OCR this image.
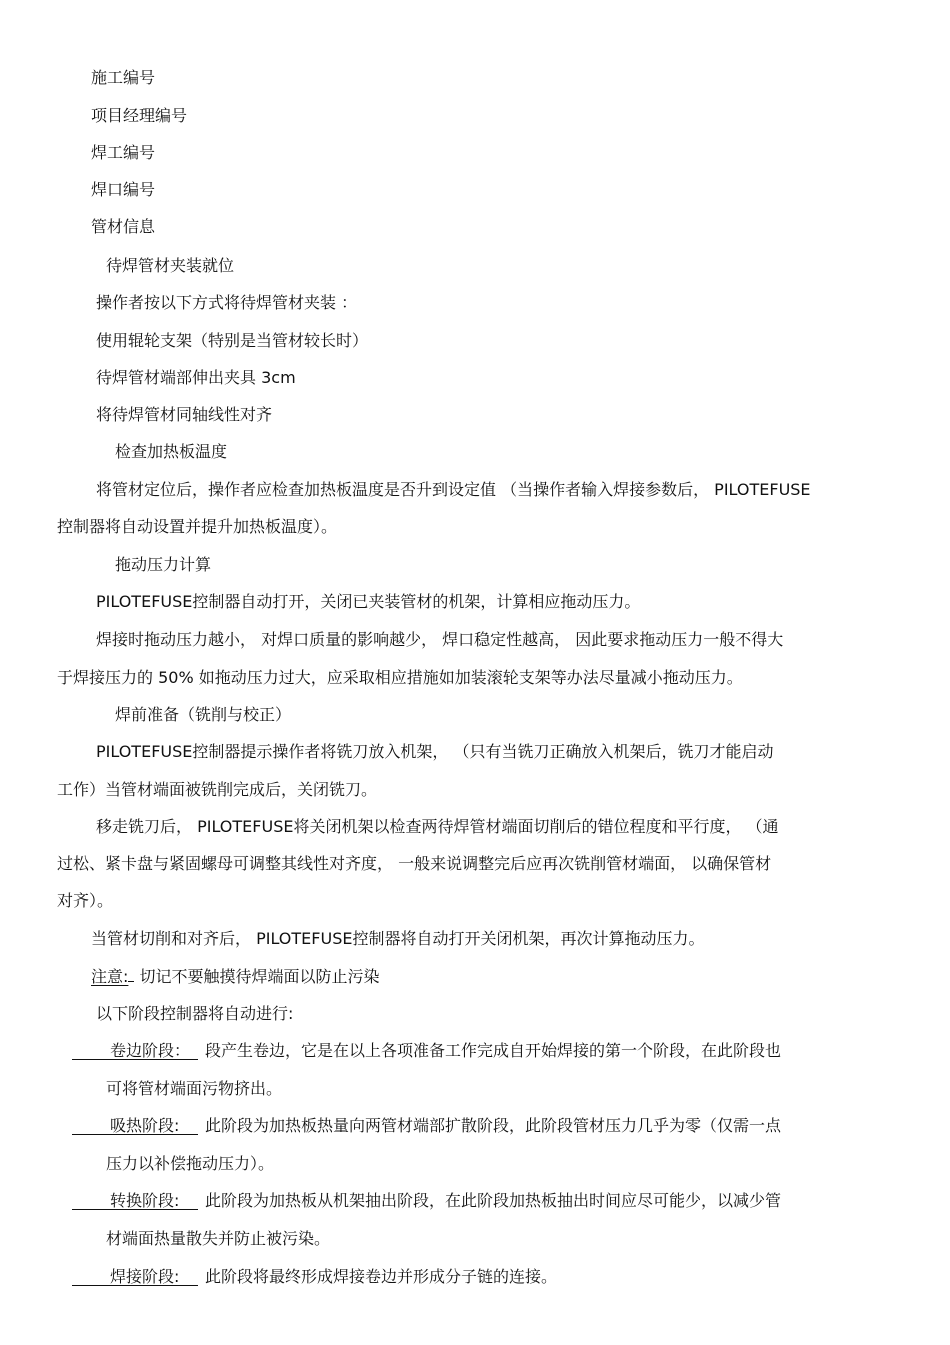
施工编号
项目经理编号
焊工编号
焊口编号
管材信息
待焊管材夹装就位
操作者按以下方式将待焊管材夹装 ：
使用辊轮支架（特别是当管材较长时）
待焊管材端部伸出夹具 3cm
将待焊管材同轴线性对齐
检查加热板温度
将管材定位后，操作者应检查加热板温度是否升到设定值 （当操作者输入焊接参数后， PILOTEFUSE
控制器将自动设置并提升加热板温度）。
拖动压力计算
PILOTEFUSE控制器自动打开，关闭已夹装管材的机架，计算相应拖动压力。
焊接时拖动压力越小， 对焊口质量的影响越少， 焊口稳定性越高， 因此要求拖动压力一般不得大
于焊接压力的 50% 如拖动压力过大，应采取相应措施如加装滚轮支架等办法尽量减小拖动压力。
焊前准备（铣削与校正）
PILOTEFUSE控制器提示操作者将铣刀放入机架， （只有当铣刀正确放入机架后，铣刀才能启动
工作）当管材端面被铣削完成后，关闭铣刀。
移走铣刀后， PILOTEFUSE将关闭机架以检查两待焊管材端面切削后的错位程度和平行度， （通
过松、紧卡盘与紧固螺母可调整其线性对齐度， 一般来说调整完后应再次铣削管材端面， 以确保管材
对齐）。
当管材切削和对齐后， PILOTEFUSE控制器将自动打开关闭机架，再次计算拖动压力。
注意: 切记不要触摸待焊端面以防止污染
以下阶段控制器将自动进行:
卷边阶段： 段产生卷边，它是在以上各项准备工作完成自开始焊接的第一个阶段，在此阶段也
可将管材端面污物挤出。
吸热阶段: 此阶段为加热板热量向两管材端部扩散阶段，此阶段管材压力几乎为零（仅需一点
压力以补偿拖动压力）。
转换阶段: 此阶段为加热板从机架抽出阶段，在此阶段加热板抽出时间应尽可能少，以减少管
材端面热量散失并防止被污染。
焊接阶段: 此阶段将最终形成焊接卷边并形成分子链的连接。
